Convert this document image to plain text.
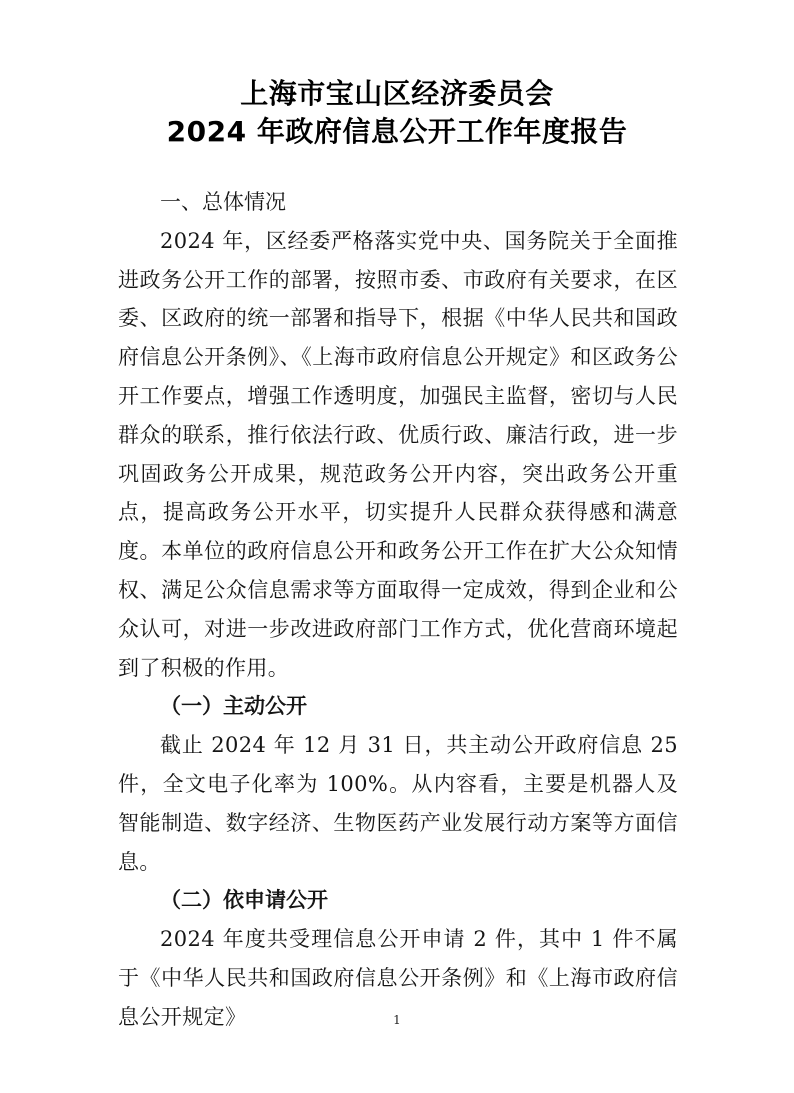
上海市宝山区经济委员会
2024 年政府信息公开工作年度报告

一、总体情况

2024 年，区经委严格落实党中央、国务院关于全面推进政务公开工作的部署，按照市委、市政府有关要求，在区委、区政府的统一部署和指导下，根据《中华人民共和国政府信息公开条例》、《上海市政府信息公开规定》和区政务公开工作要点，增强工作透明度，加强民主监督，密切与人民群众的联系，推行依法行政、优质行政、廉洁行政，进一步巩固政务公开成果，规范政务公开内容，突出政务公开重点，提高政务公开水平，切实提升人民群众获得感和满意度。本单位的政府信息公开和政务公开工作在扩大公众知情权、满足公众信息需求等方面取得一定成效，得到企业和公众认可，对进一步改进政府部门工作方式，优化营商环境起到了积极的作用。

（一）主动公开

截止 2024 年 12 月 31 日，共主动公开政府信息 25 件，全文电子化率为 100%。从内容看，主要是机器人及智能制造、数字经济、生物医药产业发展行动方案等方面信息。

（二）依申请公开

2024 年度共受理信息公开申请 2 件，其中 1 件不属于《中华人民共和国政府信息公开条例》和《上海市政府信息公开规定》	1
